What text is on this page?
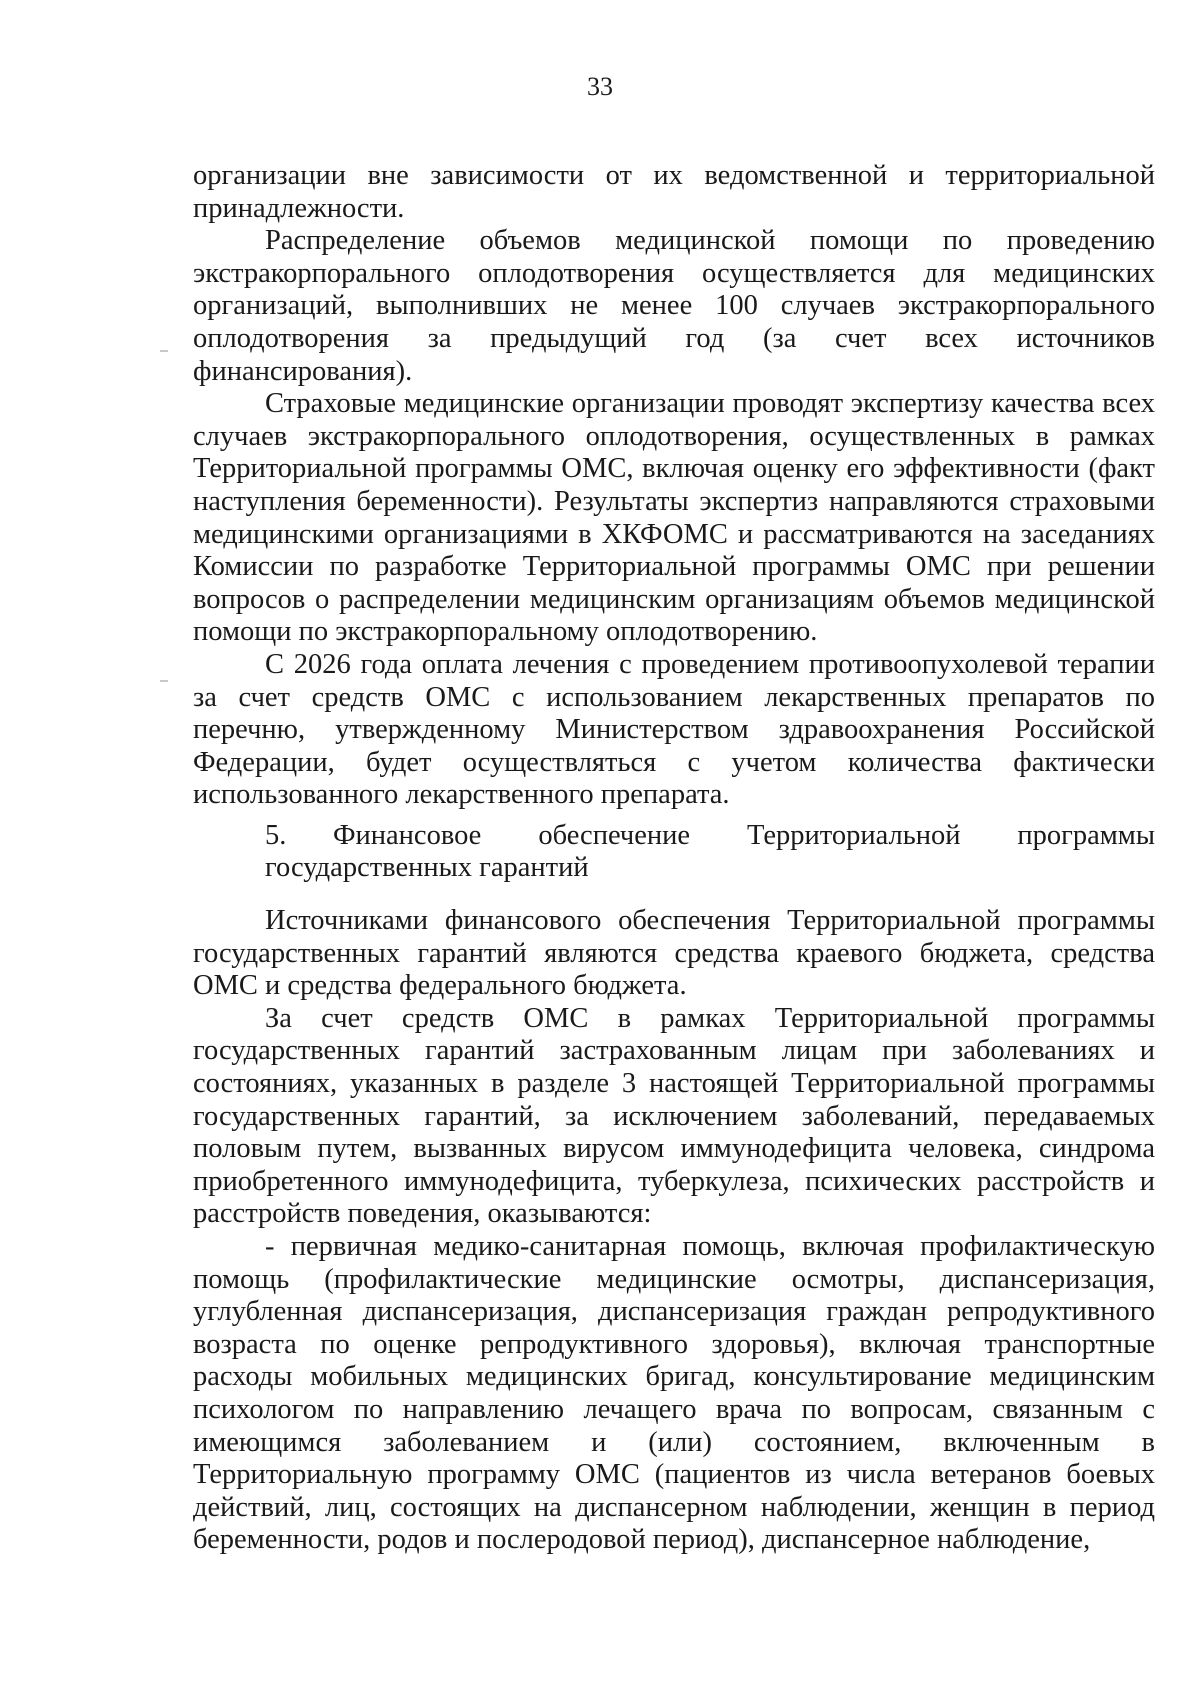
33

организации вне зависимости от их ведомственной и территориальной принадлежности.

Распределение объемов медицинской помощи по проведению экстракорпорального оплодотворения осуществляется для медицинских организаций, выполнивших не менее 100 случаев экстракорпорального оплодотворения за предыдущий год (за счет всех источников финансирования).

Страховые медицинские организации проводят экспертизу качества всех случаев экстракорпорального оплодотворения, осуществленных в рамках Территориальной программы ОМС, включая оценку его эффективности (факт наступления беременности). Результаты экспертиз направляются страховыми медицинскими организациями в ХКФОМС и рассматриваются на заседаниях Комиссии по разработке Территориальной программы ОМС при решении вопросов о распределении медицинским организациям объемов медицинской помощи по экстракорпоральному оплодотворению.

С 2026 года оплата лечения с проведением противоопухолевой терапии за счет средств ОМС с использованием лекарственных препаратов по перечню, утвержденному Министерством здравоохранения Российской Федерации, будет осуществляться с учетом количества фактически использованного лекарственного препарата.

5. Финансовое обеспечение Территориальной программы государственных гарантий

Источниками финансового обеспечения Территориальной программы государственных гарантий являются средства краевого бюджета, средства ОМС и средства федерального бюджета.

За счет средств ОМС в рамках Территориальной программы государственных гарантий застрахованным лицам при заболеваниях и состояниях, указанных в разделе 3 настоящей Территориальной программы государственных гарантий, за исключением заболеваний, передаваемых половым путем, вызванных вирусом иммунодефицита человека, синдрома приобретенного иммунодефицита, туберкулеза, психических расстройств и расстройств поведения, оказываются:

- первичная медико-санитарная помощь, включая профилактическую помощь (профилактические медицинские осмотры, диспансеризация, углубленная диспансеризация, диспансеризация граждан репродуктивного возраста по оценке репродуктивного здоровья), включая транспортные расходы мобильных медицинских бригад, консультирование медицинским психологом по направлению лечащего врача по вопросам, связанным с имеющимся заболеванием и (или) состоянием, включенным в Территориальную программу ОМС (пациентов из числа ветеранов боевых действий, лиц, состоящих на диспансерном наблюдении, женщин в период беременности, родов и послеродовой период), диспансерное наблюдение,
